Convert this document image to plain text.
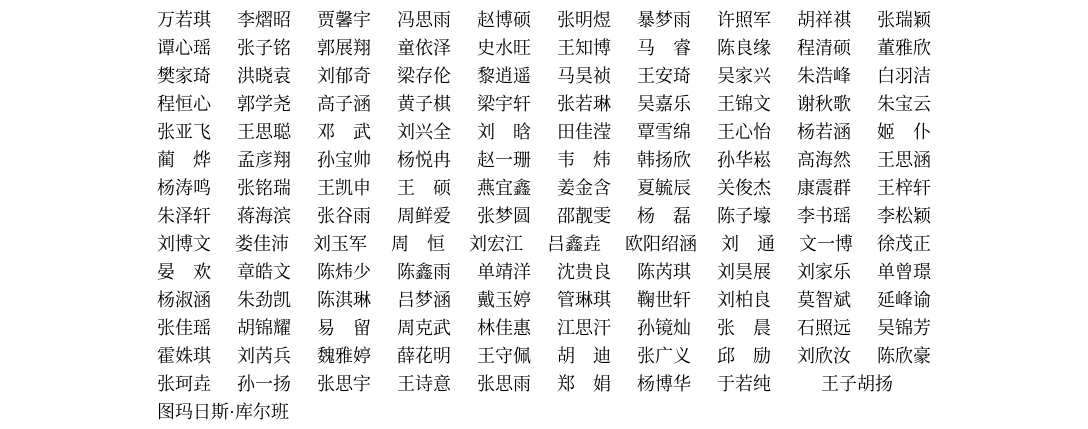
万若琪 李熠昭 贾馨宇 冯思雨 赵博硕 张明煜 暴梦雨 许照军 胡祥祺 张瑞颖
谭心瑶 张子铭 郭展翔 童依泽 史水旺 王知博 马睿 陈良缘 程清硕 董雅欣
樊家琦 洪晓袁 刘郁奇 梁存伦 黎逍遥 马昊祯 王安琦 吴家兴 朱浩峰 白羽洁
程恒心 郭学尧 高子涵 黄子棋 梁宇轩 张若琳 吴嘉乐 王锦文 谢秋歌 朱宝云
张亚飞 王思聪 邓武 刘兴全 刘晗 田佳滢 覃雪绵 王心怡 杨若涵 姬仆
蔺烨 孟彦翔 孙宝帅 杨悦冉 赵一珊 韦炜 韩扬欣 孙华崧 高海然 王思涵
杨涛鸣 张铭瑞 王凯申 王硕 燕宜鑫 姜金含 夏毓辰 关俊杰 康震群 王梓轩
朱泽轩 蒋海滨 张谷雨 周鲜爱 张梦圆 邵靓雯 杨磊 陈子壕 李书瑶 李松颖
刘博文 娄佳沛 刘玉军 周恒 刘宏江 吕鑫垚 欧阳绍涵 刘通 文一博 徐茂正
晏欢 章皓文 陈炜少 陈鑫雨 单靖洋 沈贵良 陈芮琪 刘昊展 刘家乐 单曾璟
杨淑涵 朱劲凯 陈淇琳 吕梦涵 戴玉婷 管琳琪 鞠世轩 刘柏良 莫智斌 延峰谕
张佳瑶 胡锦耀 易留 周克武 林佳惠 江思汗 孙镜灿 张晨 石照远 吴锦芳
霍姝琪 刘芮兵 魏雅婷 薛花明 王守佩 胡迪 张广义 邱励 刘欣汝 陈欣豪
张珂垚 孙一扬 张思宇 王诗意 张思雨 郑娟 杨博华 于若纯	王子胡扬
图玛日斯·库尔班
